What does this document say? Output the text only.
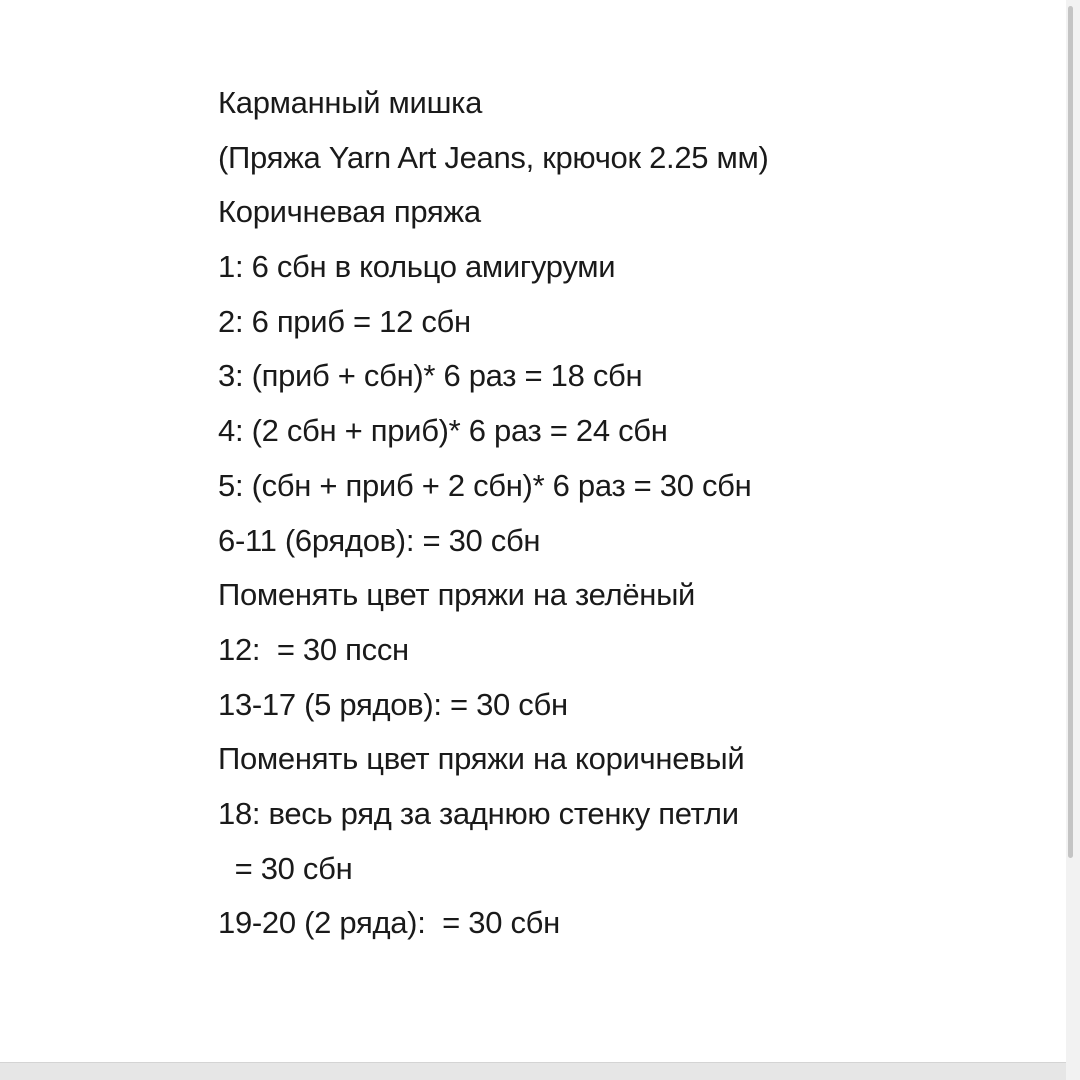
Карманный мишка
(Пряжа Yarn Art Jeans, крючок 2.25 мм)
Коричневая пряжа
1: 6 сбн в кольцо амигуруми
2: 6 приб = 12 сбн
3: (приб + сбн)* 6 раз = 18 сбн
4: (2 сбн + приб)* 6 раз = 24 сбн
5: (сбн + приб + 2 сбн)* 6 раз = 30 сбн
6-11 (6рядов): = 30 сбн
Поменять цвет пряжи на зелёный
12:  = 30 пссн
13-17 (5 рядов): = 30 сбн
Поменять цвет пряжи на коричневый
18: весь ряд за заднюю стенку петли
= 30 сбн
19-20 (2 ряда):  = 30 сбн
